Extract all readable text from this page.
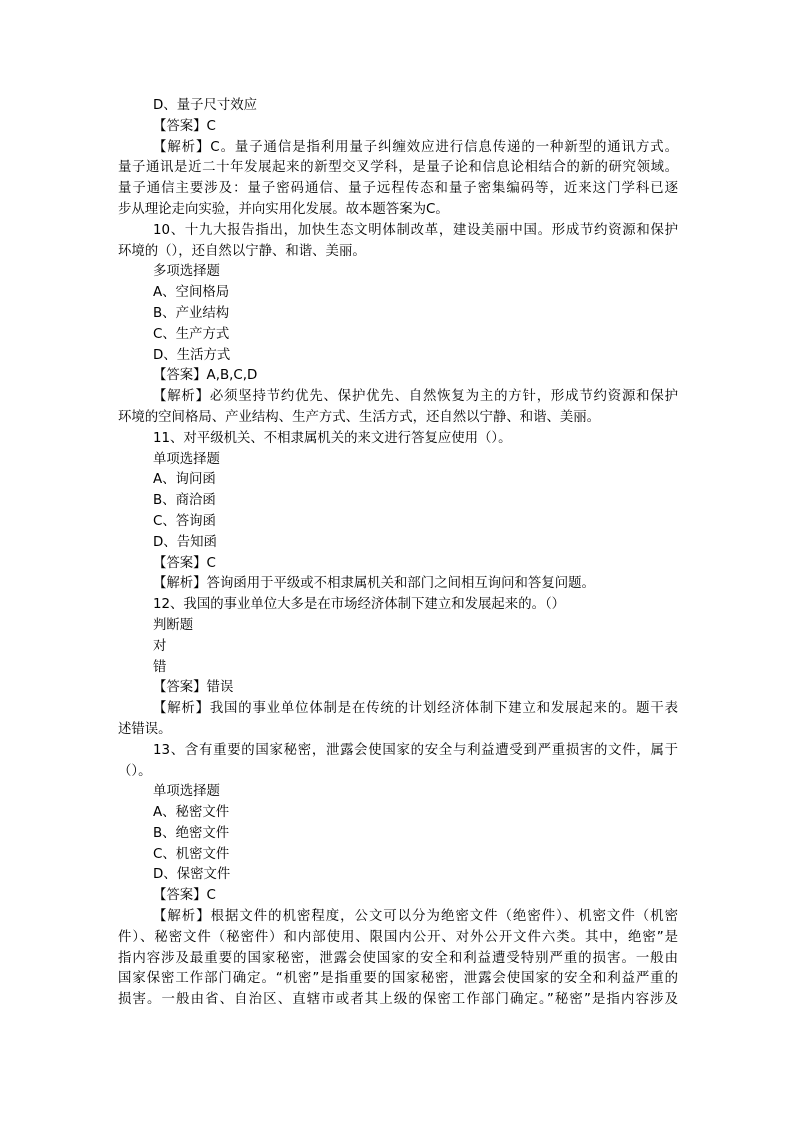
D、量子尺寸效应
【答案】C
【解析】C。量子通信是指利用量子纠缠效应进行信息传递的一种新型的通讯方式。
量子通讯是近二十年发展起来的新型交叉学科，是量子论和信息论相结合的新的研究领域。
量子通信主要涉及：量子密码通信、量子远程传态和量子密集编码等，近来这门学科已逐
步从理论走向实验，并向实用化发展。故本题答案为C。
10、十九大报告指出，加快生态文明体制改革，建设美丽中国。形成节约资源和保护
环境的（），还自然以宁静、和谐、美丽。
多项选择题
A、空间格局
B、产业结构
C、生产方式
D、生活方式
【答案】A,B,C,D
【解析】必须坚持节约优先、保护优先、自然恢复为主的方针，形成节约资源和保护
环境的空间格局、产业结构、生产方式、生活方式，还自然以宁静、和谐、美丽。
11、对平级机关、不相隶属机关的来文进行答复应使用（）。
单项选择题
A、询问函
B、商洽函
C、答询函
D、告知函
【答案】C
【解析】答询函用于平级或不相隶属机关和部门之间相互询问和答复问题。
12、我国的事业单位大多是在市场经济体制下建立和发展起来的。（）
判断题
对
错
【答案】错误
【解析】我国的事业单位体制是在传统的计划经济体制下建立和发展起来的。题干表
述错误。
13、含有重要的国家秘密，泄露会使国家的安全与利益遭受到严重损害的文件，属于
（）。
单项选择题
A、秘密文件
B、绝密文件
C、机密文件
D、保密文件
【答案】C
【解析】根据文件的机密程度，公文可以分为绝密文件（绝密件）、机密文件（机密
件）、秘密文件（秘密件）和内部使用、限国内公开、对外公开文件六类。其中，绝密”是
指内容涉及最重要的国家秘密，泄露会使国家的安全和利益遭受特别严重的损害。一般由
国家保密工作部门确定。“机密”是指重要的国家秘密，泄露会使国家的安全和利益严重的
损害。一般由省、自治区、直辖市或者其上级的保密工作部门确定。”秘密”是指内容涉及
